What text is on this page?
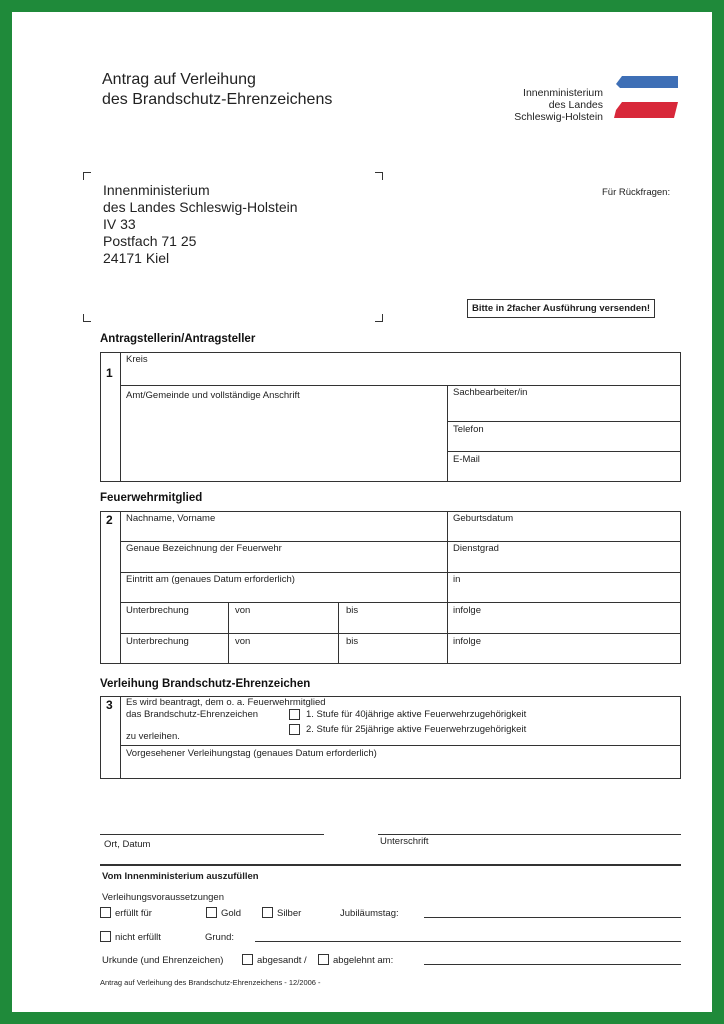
Antrag auf Verleihung
des Brandschutz-Ehrenzeichens	Innenministerium
des Landes
Schleswig-Holstein
Innenministerium
des Landes Schleswig-Holstein
IV 33
Postfach 71 25
24171 Kiel
Für Rückfragen:
Bitte in 2facher Ausführung versenden!
Antragstellerin/Antragsteller
1
Kreis
Amt/Gemeinde und vollständige Anschrift	Sachbearbeiter/in
Telefon
E-Mail
Feuerwehrmitglied
2 Nachname, Vorname	Geburtsdatum
Genaue Bezeichnung der Feuerwehr	Dienstgrad
Eintritt am (genaues Datum erforderlich)	in
Unterbrechung	von	bis	infolge
Unterbrechung	von	bis	infolge
Verleihung Brandschutz-Ehrenzeichen
3 Es wird beantragt, dem o. a. Feuerwehrmitglied
das Brandschutz-Ehrenzeichen
zu verleihen.
1. Stufe für 40jährige aktive Feuerwehrzugehörigkeit
2. Stufe für 25jährige aktive Feuerwehrzugehörigkeit
Vorgesehener Verleihungstag (genaues Datum erforderlich)
Ort, Datum	Unterschrift
Vom Innenministerium auszufüllen
Verleihungsvoraussetzungen
erfüllt für	Gold	Silber	Jubiläumstag:
nicht erfüllt	Grund:
Urkunde (und Ehrenzeichen)	abgesandt /	abgelehnt am:
Antrag auf Verleihung des Brandschutz-Ehrenzeichens - 12/2006 -
